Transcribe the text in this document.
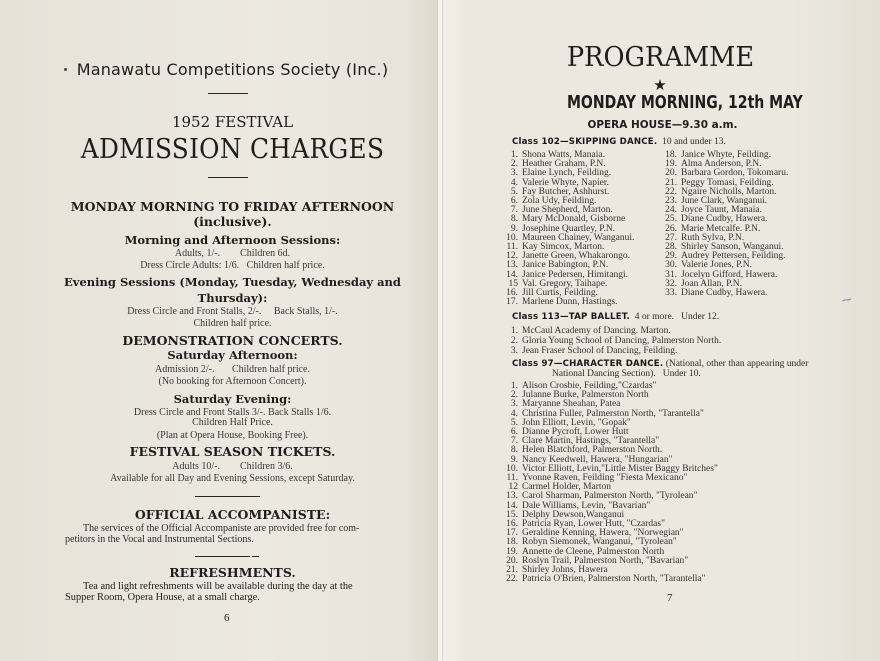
Manawatu Competitions Society (Inc.)
1952 FESTIVAL
ADMISSION CHARGES
MONDAY MORNING TO FRIDAY AFTERNOON
(inclusive).
Morning and Afternoon Sessions:
Adults, 1/-.        Children 6d.
Dress Circle Adults: 1/6.   Children half price.
Evening Sessions (Monday, Tuesday, Wednesday and
Thursday):
Dress Circle and Front Stalls, 2/-.     Back Stalls, 1/-.
Children half price.
DEMONSTRATION CONCERTS.
Saturday Afternoon:
Admission 2/-.       Children half price.
(No booking for Afternoon Concert).
Saturday Evening:
Dress Circle and Front Stalls 3/-. Back Stalls 1/6.
Children Half Price.
(Plan at Opera House, Booking Free).
FESTIVAL SEASON TICKETS.
Adults 10/-.        Children 3/6.
Available for all Day and Evening Sessions, except Saturday.
OFFICIAL ACCOMPANISTE:
The services of the Official Accompaniste are provided free for com-
petitors in the Vocal and Instrumental Sections.
REFRESHMENTS.
Tea and light refreshments will be available during the day at the
Supper Room, Opera House, at a small charge.
6
PROGRAMME
★
MONDAY MORNING, 12th MAY
OPERA HOUSE—9.30 a.m.
Class 102—SKIPPING DANCE. 10 and under 13.
1. Shona Watts, Manaia.
2. Heather Graham, P.N.
3. Elaine Lynch, Feilding.
4. Valerie Whyte, Napier.
5. Fay Butcher, Ashhurst.
6. Zola Udy, Feilding.
7. June Shepherd, Marton.
8. Mary McDonald, Gisborne
9. Josephine Quartley, P.N.
10. Maureen Chainey, Wanganui.
11. Kay Simcox, Marton.
12. Janette Green, Whakarongo.
13. Janice Babington, P.N.
14. Janice Pedersen, Himitangi.
15 Val. Gregory, Taihape.
16. Jill Curtis, Feilding.
17. Marlene Dunn, Hastings.
18. Janice Whyte, Feilding.
19. Alma Anderson, P.N.
20. Barbara Gordon, Tokomaru.
21. Peggy Tomasi, Feilding.
22. Ngaire Nicholls, Marton.
23. June Clark, Wanganui.
24. Joyce Taunt, Manaia.
25. Diane Cudby, Hawera.
26. Marie Metcalfe. P.N.
27. Ruth Sylva, P.N.
28. Shirley Sanson, Wanganui.
29. Audrey Pettersen, Feilding.
30. Valerie Jones, P.N.
31. Jocelyn Gifford, Hawera.
32. Joan Allan, P.N.
33. Diane Cudby, Hawera.
Class 113—TAP BALLET. 4 or more.   Under 12.
1. McCaul Academy of Dancing. Marton.
2. Gloria Young School of Dancing, Palmerston North.
3. Jean Fraser School of Dancing, Feilding.
Class 97—CHARACTER DANCE. (National, other than appearing under
National Dancing Section).   Under 10.
1. Alison Crosbie, Feilding,"Czardas"
2. Julanne Burke, Palmerston North
3. Maryanne Sheahan, Patea
4. Christina Fuller, Palmerston North, "Tarantella"
5. John Elliott, Levin, "Gopak"
6. Dianne Pycroft, Lower Hutt
7. Clare Martin, Hastings, "Tarantella"
8. Helen Blatchford, Palmerston North.
9. Nancy Keedwell, Hawera, "Hungarian"
10. Victor Elliott, Levin,"Little Mister Baggy Britches"
11. Yvonne Raven, Feilding "Fiesta Mexicano"
12 Carmel Holder, Marton
13. Carol Sharman, Palmerston North, "Tyrolean"
14. Dale Williams, Levin, "Bavarian"
15. Delphy Dewson,Wanganui
16. Patricia Ryan, Lower Hutt, "Czardas"
17. Geraldine Kenning, Hawera, "Norwegian"
18. Robyn Siemonek, Wanganui, "Tyrolean"
19. Annette de Cleene, Palmerston North
20. Roslyn Trail, Palmerston North, "Bavarian"
21. Shirley Johns, Hawera
22. Patricia O'Brien, Palmerston North, "Tarantella"
7
⁓
